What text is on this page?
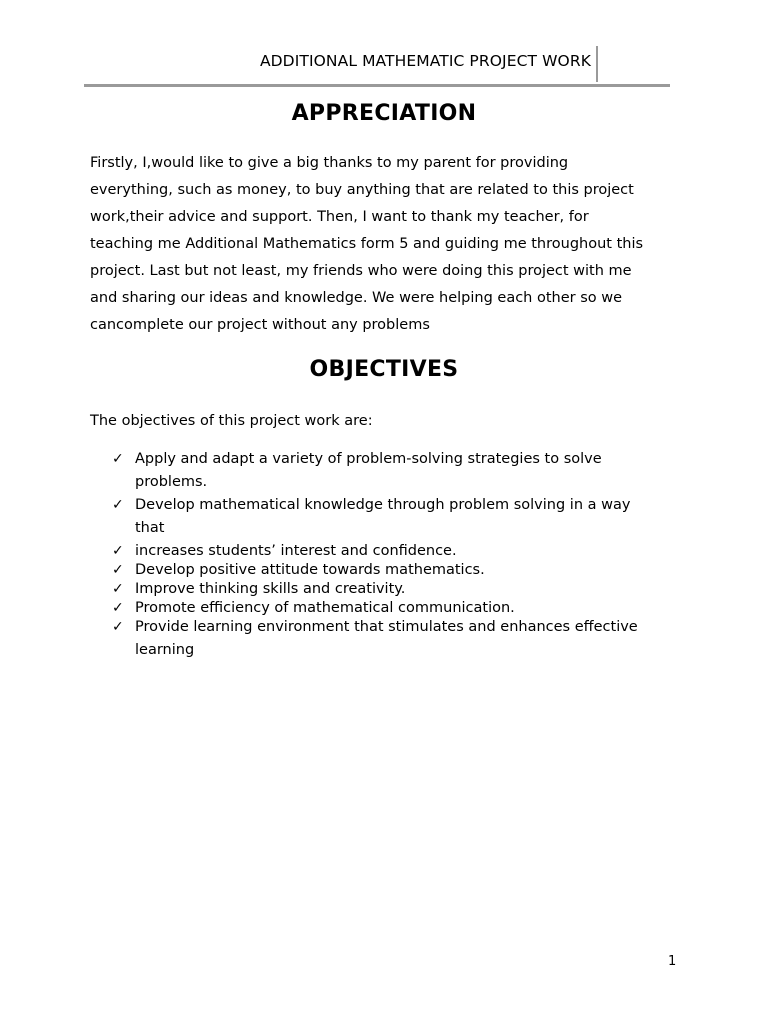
ADDITIONAL MATHEMATIC PROJECT WORK
APPRECIATION
Firstly, I,would like to give a big thanks to my parent for providing
everything, such as money, to buy anything that are related to this project
work,their advice and support. Then, I want to thank my teacher, for
teaching me Additional Mathematics form 5 and guiding me throughout this
project. Last but not least, my friends who were doing this project with me
and sharing our ideas and knowledge. We were helping each other so we
cancomplete our project without any problems
OBJECTIVES
The objectives of this project work are:
✓ Apply and adapt a variety of problem-solving strategies to solve
problems.
✓ Develop mathematical knowledge through problem solving in a way
that
✓ increases students’ interest and confidence.
✓ Develop positive attitude towards mathematics.
✓ Improve thinking skills and creativity.
✓ Promote efficiency of mathematical communication.
✓ Provide learning environment that stimulates and enhances effective
learning
1
